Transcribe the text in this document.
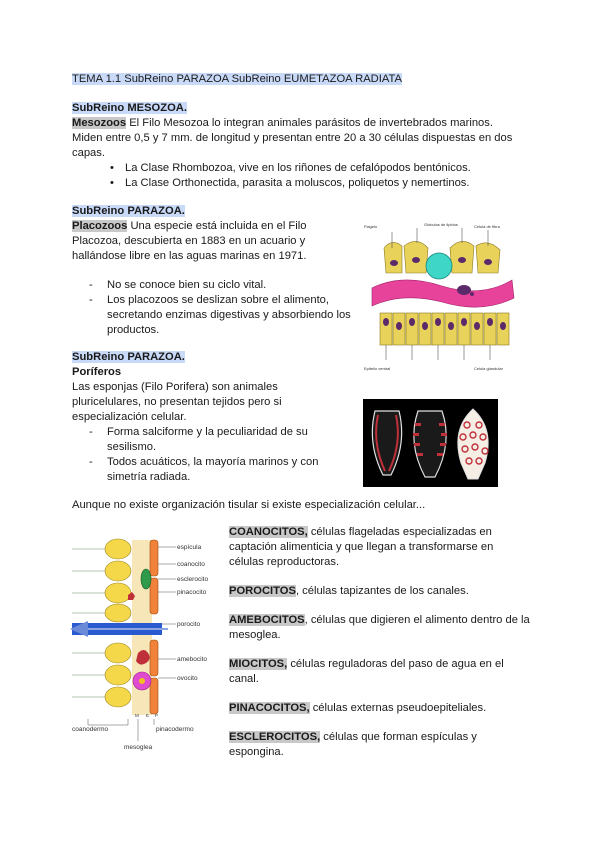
TEMA 1.1 SubReino PARAZOA SubReino EUMETAZOA RADIATA

SubReino MESOZOA.

Mesozoos El Filo Mesozoa lo integran animales parásitos de invertebrados marinos.

Miden entre 0,5 y 7 mm. de longitud y presentan entre 20 a 30 células dispuestas en dos

capas.

• La Clase Rhombozoa, vive en los riñones de cefalópodos bentónicos.
• La Clase Orthonectida, parasita a moluscos, poliquetos y nemertinos.

SubReino PARAZOA.

Placozoos Una especie está incluida en el Filo

Placozoa, descubierta en 1883 en un acuario y

hallándose libre en las aguas marinas en 1971.

- No se conoce bien su ciclo vital.
- Los placozoos se deslizan sobre el alimento, secretando enzimas digestivas y absorbiendo los productos.
Flagelo	Globulos de lipidos	Celula de fibra
Epitelio ventral	Celula glandular

SubReino PARAZOA.

Poríferos

Las esponjas (Filo Porifera) son animales

pluricelulares, no presentan tejidos pero si

especialización celular.

- Forma salciforme y la peculiaridad de su sesilismo.
- Todos acuáticos, la mayoría marinos y con simetría radiada.

Aunque no existe organización tisular si existe especialización celular...

espícula
coanocito
esclerocito
pinacocito
porocito
amebocito
ovocito
coanodermo	pinacodermo
mesoglea
M E P

COANOCITOS, células flageladas especializadas en

captación alimenticia y que llegan a transformarse en

células reproductoras.

POROCITOS, células tapizantes de los canales.

AMEBOCITOS, células que digieren el alimento dentro de la

mesoglea.

MIOCITOS, células reguladoras del paso de agua en el

canal.

PINACOCITOS, células externas pseudoepiteliales.

ESCLEROCITOS, células que forman espículas y

espongina.
